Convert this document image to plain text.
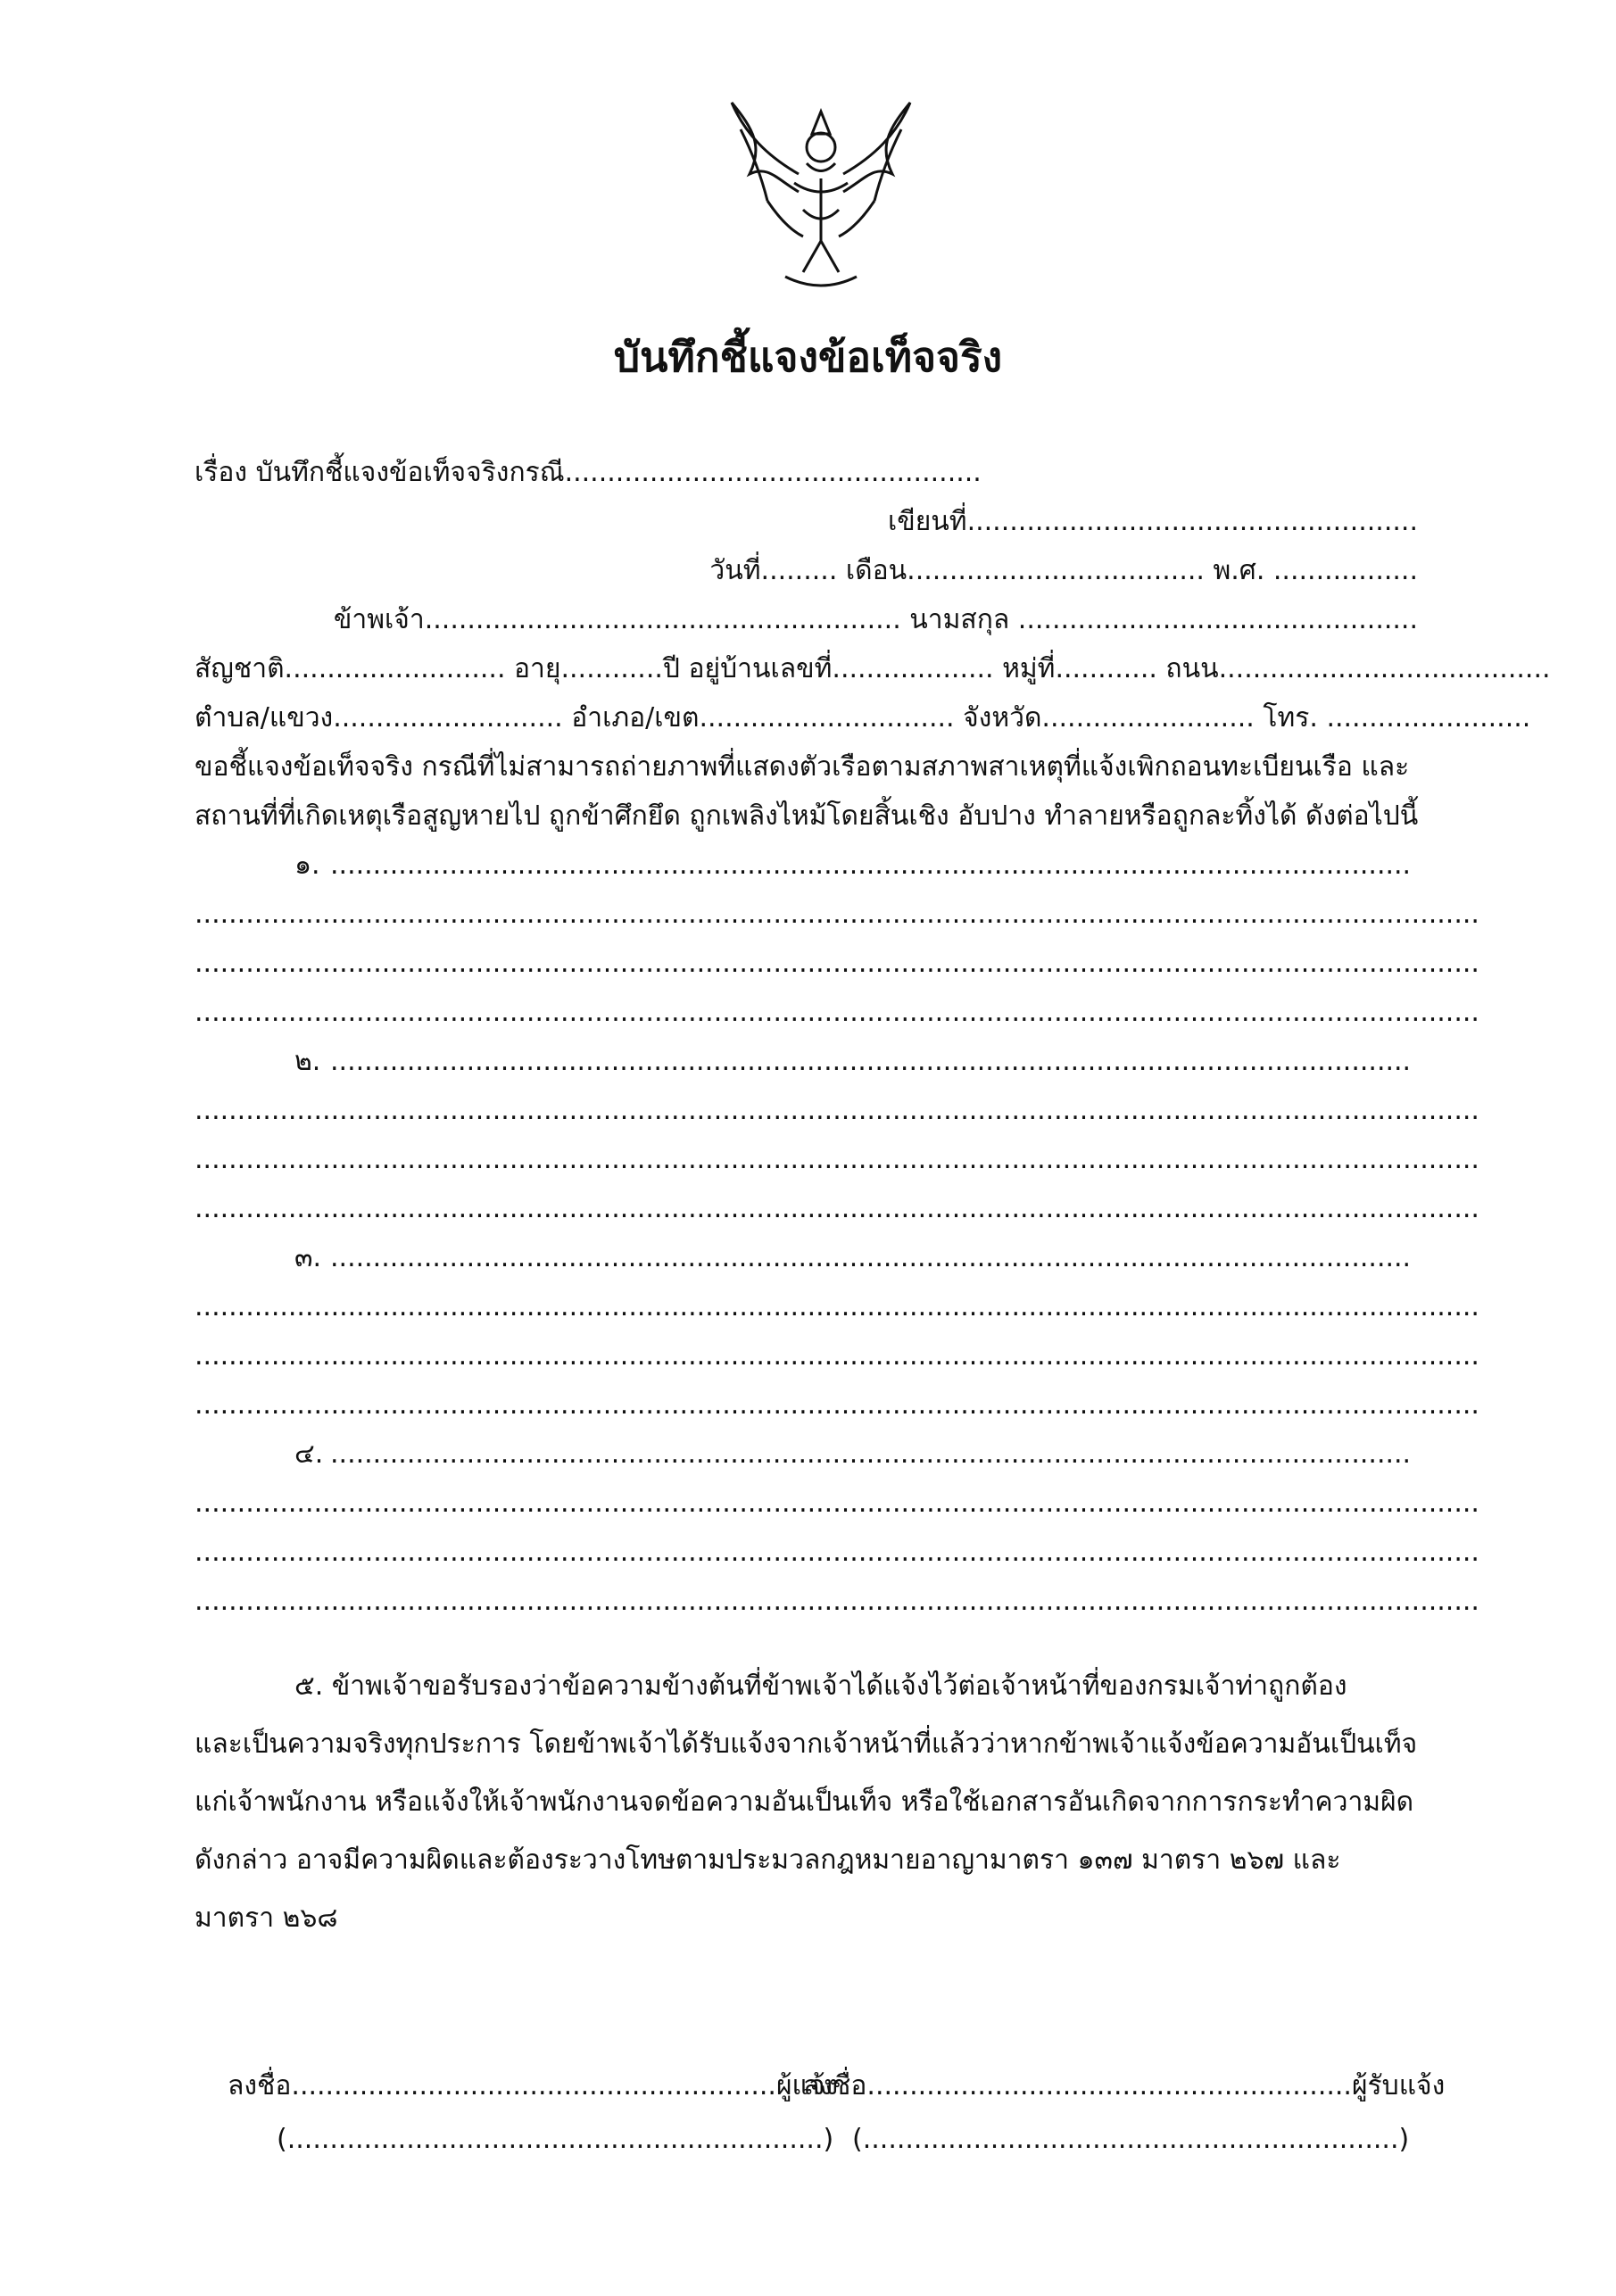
บันทึกชี้แจงข้อเท็จจริง
เรื่อง บันทึกชี้แจงข้อเท็จจริงกรณี.................................................
เขียนที่.....................................................
วันที่......... เดือน................................... พ.ศ. .................
ข้าพเจ้า........................................................ นามสกุล ...............................................
สัญชาติ.......................... อายุ............ปี อยู่บ้านเลขที่................... หมู่ที่............ ถนน.......................................
ตำบล/แขวง........................... อำเภอ/เขต.............................. จังหวัด......................... โทร. ........................
ขอชี้แจงข้อเท็จจริง กรณีที่ไม่สามารถถ่ายภาพที่แสดงตัวเรือตามสภาพสาเหตุที่แจ้งเพิกถอนทะเบียนเรือ และ
สถานที่ที่เกิดเหตุเรือสูญหายไป ถูกข้าศึกยึด ถูกเพลิงไหม้โดยสิ้นเชิง อับปาง ทำลายหรือถูกละทิ้งได้ ดังต่อไปนี้
๑. ...............................................................................................................................
.......................................................................................................................................................
.......................................................................................................................................................
.......................................................................................................................................................
๒. ...............................................................................................................................
.......................................................................................................................................................
.......................................................................................................................................................
.......................................................................................................................................................
๓. ...............................................................................................................................
.......................................................................................................................................................
.......................................................................................................................................................
.......................................................................................................................................................
๔. ...............................................................................................................................
.......................................................................................................................................................
.......................................................................................................................................................
.......................................................................................................................................................
๕. ข้าพเจ้าขอรับรองว่าข้อความข้างต้นที่ข้าพเจ้าได้แจ้งไว้ต่อเจ้าหน้าที่ของกรมเจ้าท่าถูกต้อง
และเป็นความจริงทุกประการ โดยข้าพเจ้าได้รับแจ้งจากเจ้าหน้าที่แล้วว่าหากข้าพเจ้าแจ้งข้อความอันเป็นเท็จ
แก่เจ้าพนักงาน หรือแจ้งให้เจ้าพนักงานจดข้อความอันเป็นเท็จ หรือใช้เอกสารอันเกิดจากการกระทำความผิด
ดังกล่าว อาจมีความผิดและต้องระวางโทษตามประมวลกฎหมายอาญามาตรา ๑๓๗ มาตรา ๒๖๗ และ
มาตรา ๒๖๘
ลงชื่อ.........................................................ผู้แจ้ง
(...............................................................)
ลงชื่อ.........................................................ผู้รับแจ้ง
(...............................................................)
